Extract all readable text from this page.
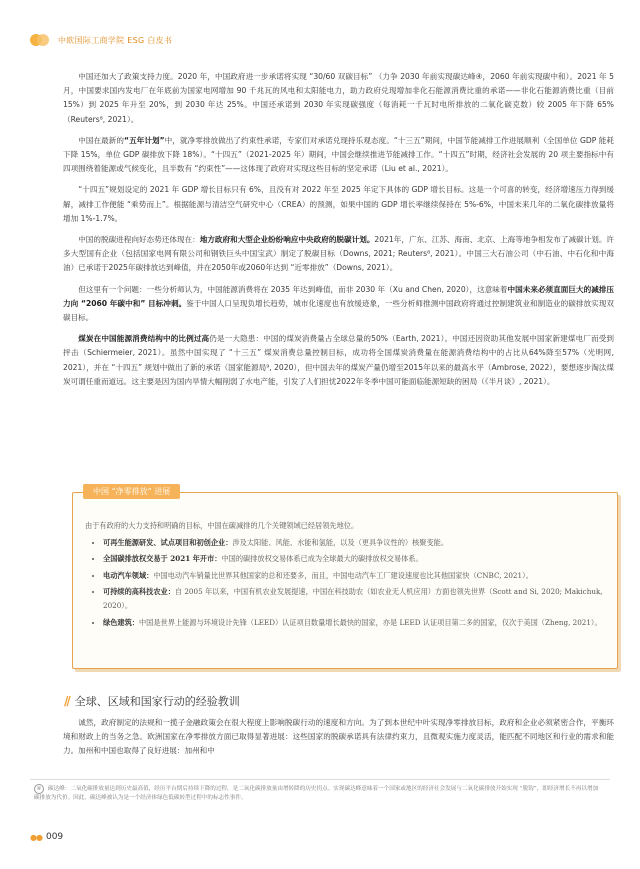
中欧国际工商学院 ESG 白皮书

中国还加大了政策支持力度。2020 年，中国政府进一步承诺将实现 “30/60 双碳目标” （力争 2030 年前实现碳达峰④，2060 年前实现碳中和）。2021 年 5 月，中国要求国内发电厂在年底前为国家电网增加 90 千兆瓦的风电和太阳能电力，助力政府兑现增加非化石能源消费比重的承诺——非化石能源消费比重（目前 15%）到 2025 年升至 20%，到 2030 年达 25%。中国还承诺到 2030 年实现碳强度（每消耗一千瓦时电所排放的二氧化碳克数）较 2005 年下降 65%（Reuters⁸, 2021）。

中国在最新的“五年计划”中，就净零排放做出了约束性承诺，专家们对承诺兑现持乐观态度。“十三五”期间，中国节能减排工作进展顺利（全国单位 GDP 能耗下降 15%，单位 GDP 碳排放下降 18%）。“十四五”（2021-2025 年）期间，中国会继续推进节能减排工作。“十四五”时期，经济社会发展的 20 项主要指标中有四项围绕着能源或气候变化，且半数有 “约束性”——这体现了政府对实现这些目标的坚定承诺（Liu et al., 2021）。

“十四五”规划设定的 2021 年 GDP 增长目标只有 6%，且没有对 2022 年至 2025 年定下具体的 GDP 增长目标。这是一个可喜的转变，经济增速压力得到缓解，减排工作便能 “乘势而上”。根据能源与清洁空气研究中心（CREA）的预测，如果中国的 GDP 增长率继续保持在 5%-6%，中国未来几年的二氧化碳排放量将增加 1%-1.7%。

中国的脱碳进程向好态势还体现在：地方政府和大型企业纷纷响应中央政府的脱碳计划。2021年，广东、江苏、海南、北京、上海等地争相发布了减碳计划。许多大型国有企业（包括国家电网有限公司和钢铁巨头中国宝武）制定了脱碳目标（Downs, 2021; Reuters⁸, 2021）。中国三大石油公司（中石油、中石化和中海油）已承诺于2025年碳排放达到峰值，并在2050年或2060年达到 “近零排放”（Downs, 2021）。

但这里有一个问题：一些分析师认为，中国能源消费将在 2035 年达到峰值，而非 2030 年（Xu and Chen, 2020），这意味着中国未来必须直面巨大的减排压力向 “2060 年碳中和” 目标冲刺。鉴于中国人口呈现负增长趋势，城市化速度也有放缓迹象，一些分析师推测中国政府将通过控制建筑业和制造业的碳排放实现双碳目标。

煤炭在中国能源消费结构中的比例过高仍是一大隐患：中国的煤炭消费量占全球总量的50%（Earth, 2021）。中国还因资助其他发展中国家新建煤电厂而受到抨击（Schiermeier, 2021）。虽然中国实现了 “十三五” 煤炭消费总量控制目标，成功将全国煤炭消费量在能源消费结构中的占比从64%降至57%（光明网, 2021），并在 “十四五” 规划中做出了新的承诺（国家能源局⁹, 2020），但中国去年的煤炭产量仍增至2015年以来的最高水平（Ambrose, 2022），要想逐步淘汰煤炭可谓任重而道远。这主要是因为国内旱情大幅削弱了水电产能，引发了人们担忧2022年冬季中国可能面临能源短缺的困局（《半月谈》, 2021）。

中国 “净零排放” 进展
由于有政府的大力支持和明确的目标，中国在碳减排的几个关键领域已经居领先地位。
• 可再生能源研发、试点项目和初创企业：涉及太阳能、风能、水能和氢能，以及（更具争议性的）核聚变能。
• 全国碳排放权交易于 2021 年开市：中国的碳排放权交易体系已成为全球最大的碳排放权交易体系。
• 电动汽车领域：中国电动汽车销量比世界其他国家的总和还要多，而且，中国电动汽车工厂建设速度也比其他国家快（CNBC, 2021）。
• 可持续的高科技农业：自 2005 年以来，中国有机农业发展提速，中国在科技助农（如农业无人机应用）方面也领先世界（Scott and Si, 2020; Makichuk, 2020）。
• 绿色建筑：中国是世界上能源与环境设计先锋（LEED）认证项目数量增长最快的国家，亦是 LEED 认证项目第二多的国家，仅次于美国（Zheng, 2021）。
// 全球、区域和国家行动的经验教训

诚然，政府制定的法规和一揽子金融政策会在很大程度上影响脱碳行动的速度和方向。为了到本世纪中叶实现净零排放目标，政府和企业必须紧密合作，平衡环境和财政上的当务之急。欧洲国家在净零排放方面已取得显著进展：这些国家的脱碳承诺具有法律约束力，且微观实施力度灵活，能匹配不同地区和行业的需求和能力。加州和中国也取得了良好进展：加州和中

④ 碳达峰：二氧化碳排放量达到历史最高值，经历平台期后持续下降的过程，是二氧化碳排放量由增转降的历史拐点。实现碳达峰意味着一个国家或地区的经济社会发展与二氧化碳排放开始实现 “脱钩”，即经济增长不再以增加碳排放为代价。因此，碳达峰被认为是一个经济体绿色低碳转型过程中的标志性事件。
●● 009
